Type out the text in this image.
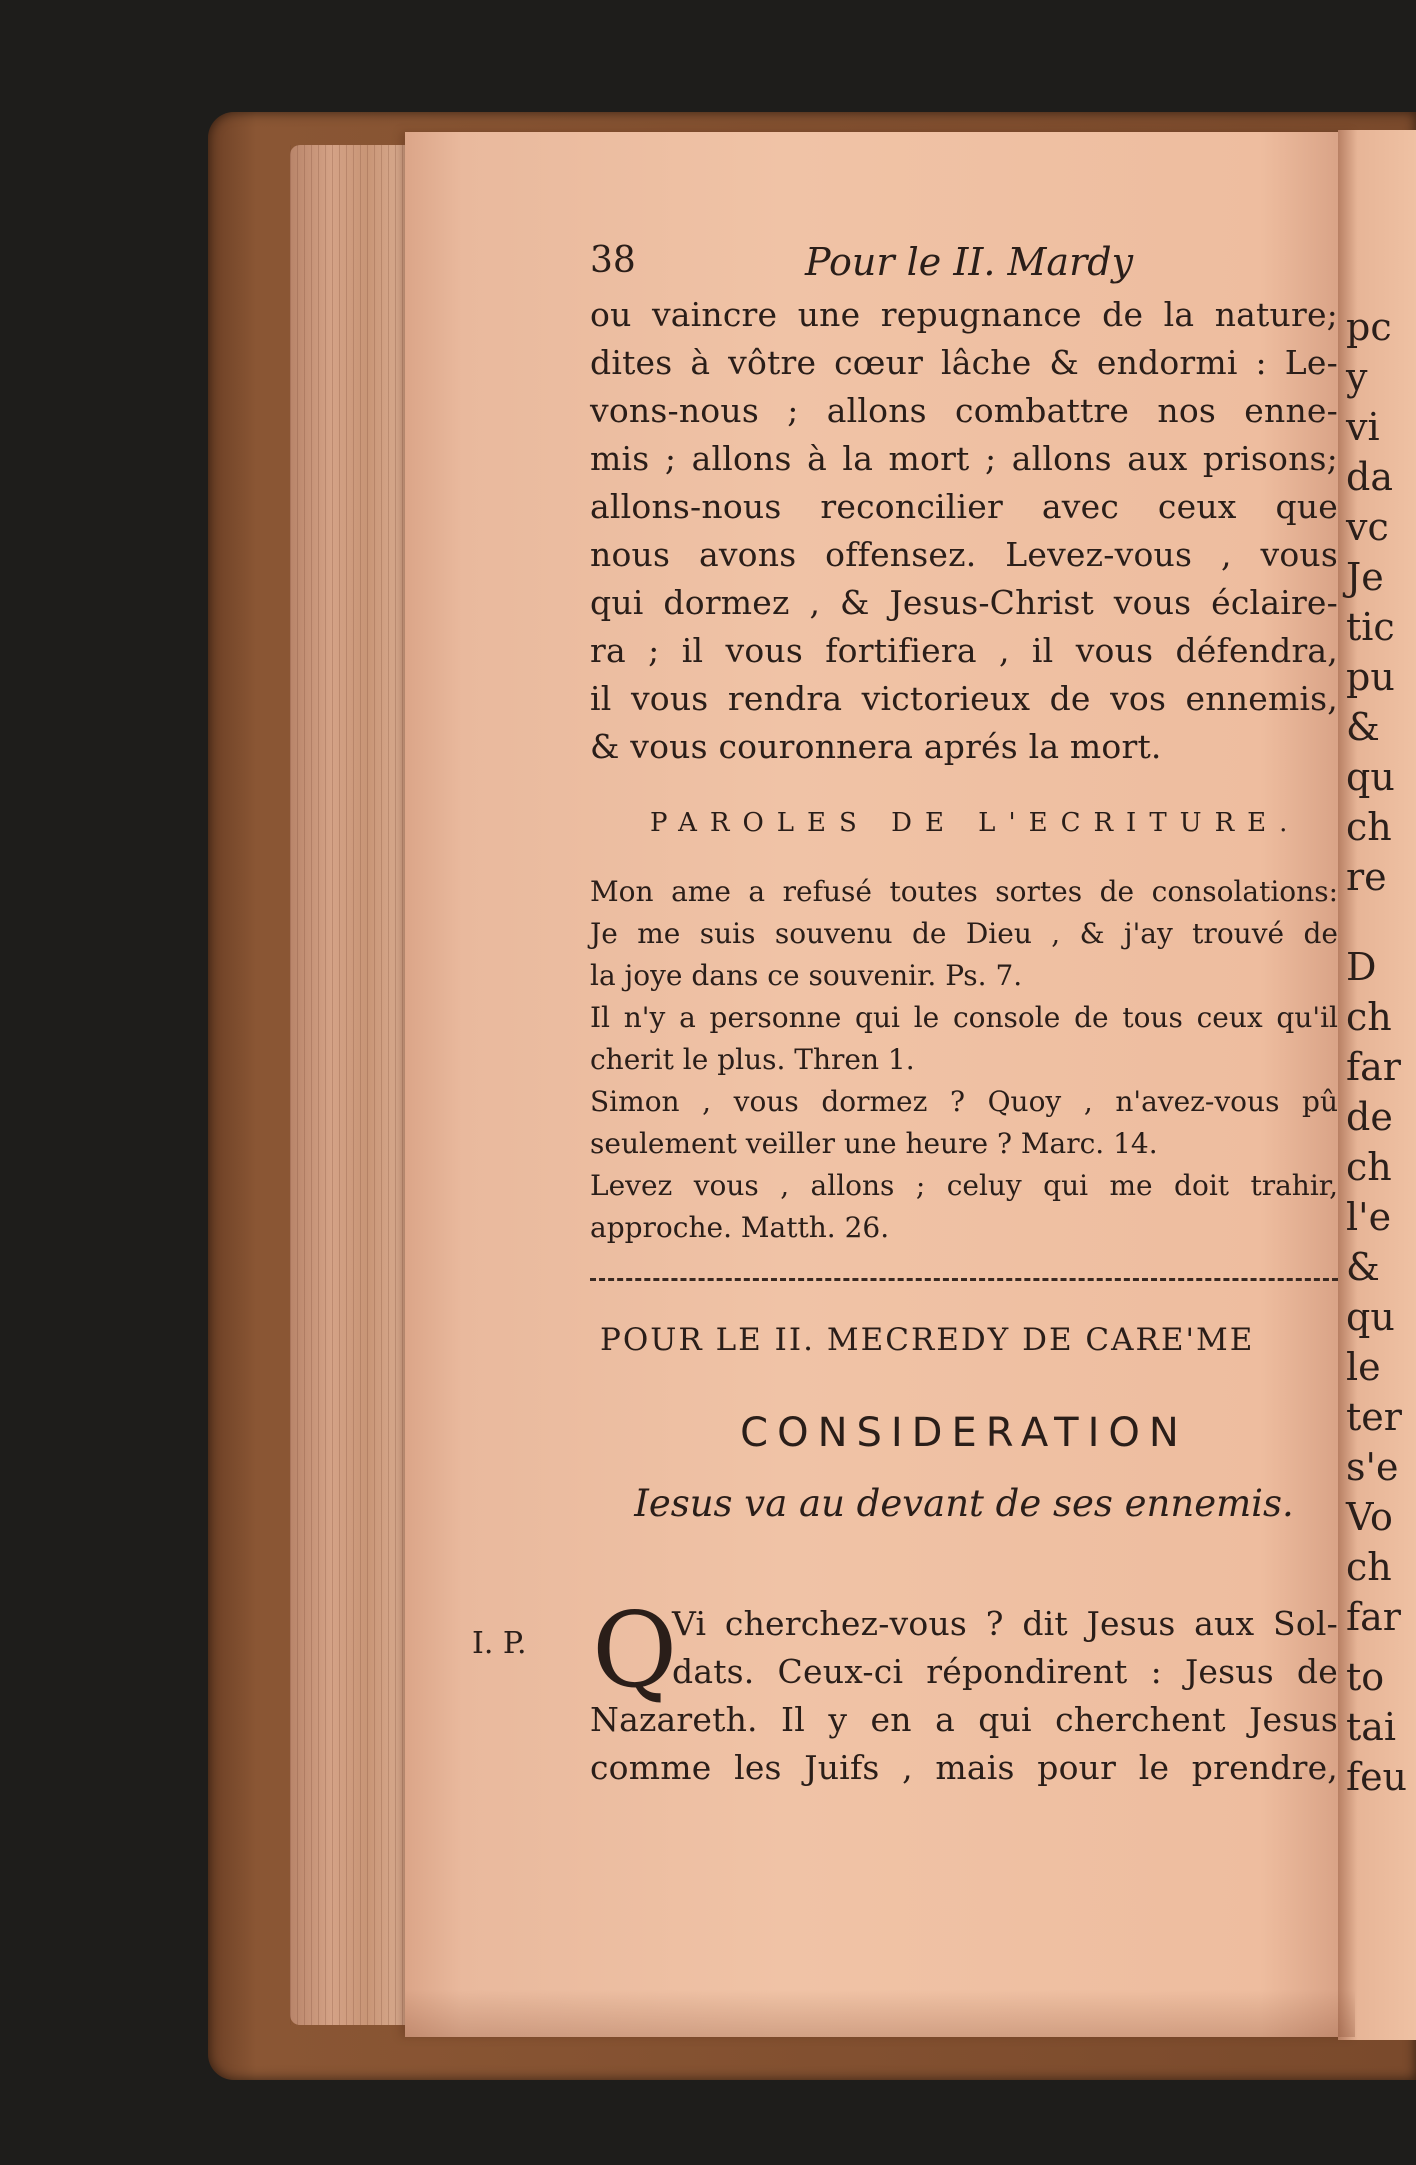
pc
y
vi
da
vc
Je
tic
pu
&
qu
ch
re
D
ch
far
de
ch
l'e
&
qu
le
ter
s'e
Vo
ch
far
to
tai
feu
38	Pour le II. Mardy
ou vaincre une repugnance de la nature;
dites à vôtre cœur lâche & endormi : Le-
vons-nous ; allons combattre nos enne-
mis ; allons à la mort ; allons aux prisons;
allons-nous reconcilier avec ceux que
nous avons offensez. Levez-vous , vous
qui dormez , & Jesus-Christ vous éclaire-
ra ; il vous fortifiera , il vous défendra,
il vous rendra victorieux de vos ennemis,
& vous couronnera aprés la mort.
PAROLES DE L'ECRITURE.
Mon ame a refusé toutes sortes de consolations:
Je me suis souvenu de Dieu , & j'ay trouvé de
la joye dans ce souvenir. Ps. 7.
Il n'y a personne qui le console de tous ceux qu'il
cherit le plus. Thren 1.
Simon , vous dormez ? Quoy , n'avez-vous pû
seulement veiller une heure ? Marc. 14.
Levez vous , allons ; celuy qui me doit trahir,
approche. Matth. 26.
POUR LE II. MECREDY DE CARE'ME
CONSIDERATION
Iesus va au devant de ses ennemis.
I. P. Q
Vi cherchez-vous ? dit Jesus aux Sol-
dats. Ceux-ci répondirent : Jesus de
Nazareth. Il y en a qui cherchent Jesus
comme les Juifs , mais pour le prendre,
